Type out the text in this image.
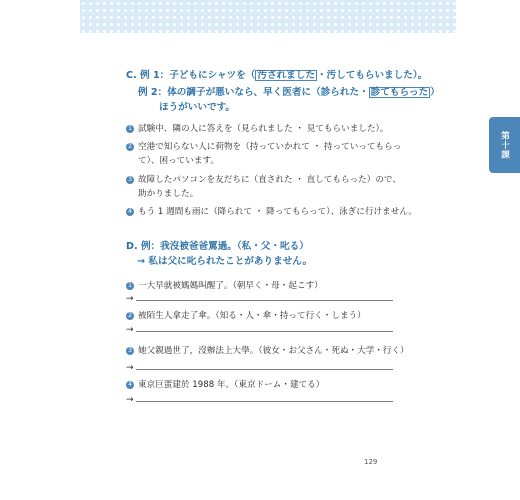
第十課
C. 例 1：子どもにシャツを（ 汚されました ・汚してもらいました）。
例 2：体の調子が悪いなら、早く医者に（診られた・ 診てもらった ）
ほうがいいです。
1 試験中、隣の人に答えを（見られました ・ 見てもらいました）。
2 空港で知らない人に荷物を（持っていかれて ・ 持っていってもらっ
て）、困っています。
3 故障したパソコンを友だちに（直された ・ 直してもらった）ので、
助かりました。
4 もう 1 週間も雨に（降られて ・ 降ってもらって）、泳ぎに行けません。
D. 例：我沒被爸爸罵過。（私・父・叱る）
→ 私は父に叱られたことがありません。
1 一大早就被媽媽叫醒了。（朝早く・母・起こす）
→
2 被陌生人拿走了傘。（知る・人・傘・持って行く・しまう）
→
3 她父親過世了，沒辦法上大學。（彼女・お父さん・死ぬ・大学・行く）
→
4 東京巨蛋建於 1988 年。（東京ドーム・建てる）
→
129
